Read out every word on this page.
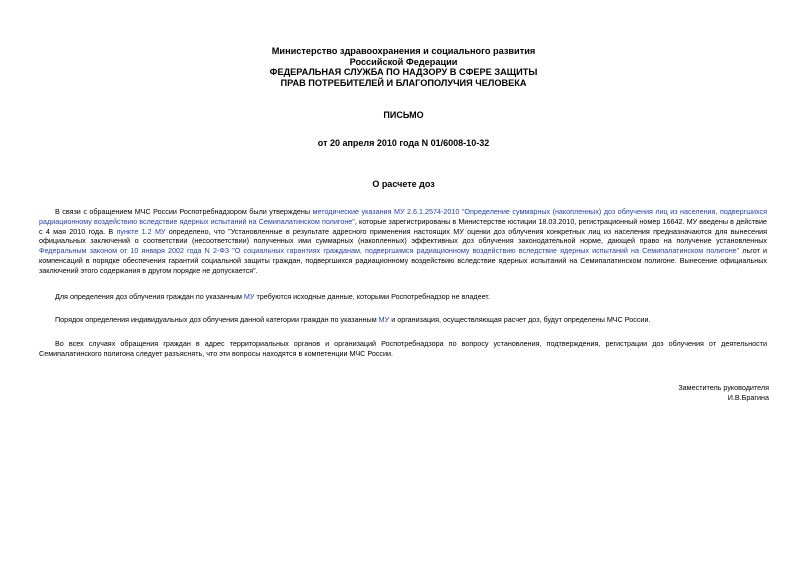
Министерство здравоохранения и социального развития
Российской Федерации
ФЕДЕРАЛЬНАЯ СЛУЖБА ПО НАДЗОРУ В СФЕРЕ ЗАЩИТЫ
ПРАВ ПОТРЕБИТЕЛЕЙ И БЛАГОПОЛУЧИЯ ЧЕЛОВЕКА
ПИСЬМО
от 20 апреля 2010 года N 01/6008-10-32
О расчете доз

В связи с обращением МЧС России Роспотребнадзором были утверждены методические указания МУ 2.6.1.2574-2010 "Определение суммарных (накопленных) доз облучения лиц из населения, подвергшихся радиационному воздействию вследствие ядерных испытаний на Семипалатинском полигоне", которые зарегистрированы в Министерстве юстиции 18.03.2010, регистрационный номер 16642. МУ введены в действие с 4 мая 2010 года. В пункте 1.2 МУ определено, что "Установленные в результате адресного применения настоящих МУ оценки доз облучения конкретных лиц из населения предназначаются для вынесения официальных заключений о соответствии (несоответствии) полученных ими суммарных (накопленных) эффективных доз облучения законодательной норме, дающей право на получение установленных Федеральным законом от 10 января 2002 года N 2-ФЗ "О социальных гарантиях гражданам, подвергшимся радиационному воздействию вследствие ядерных испытаний на Семипалатинском полигоне" льгот и компенсаций в порядке обеспечения гарантий социальной защиты граждан, подвергшихся радиационному воздействию вследствие ядерных испытаний на Семипалатинском полигоне. Вынесение официальных заключений этого содержания в другом порядке не допускается".

Для определения доз облучения граждан по указанным МУ требуются исходные данные, которыми Роспотребнадзор не владеет.

Порядок определения индивидуальных доз облучения данной категории граждан по указанным МУ и организация, осуществляющая расчет доз, будут определены МЧС России.

Во всех случаях обращения граждан в адрес территориальных органов и организаций Роспотребнадзора по вопросу установления, подтверждения, регистрации доз облучения от деятельности Семипалатинского полигона следует разъяснять, что эти вопросы находятся в компетенции МЧС России.

Заместитель руководителя
И.В.Брагина
